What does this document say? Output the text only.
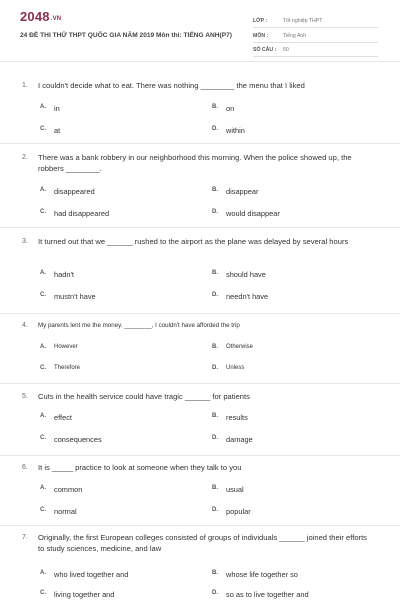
2048.VN
24 ĐỀ THI THỬ THPT QUỐC GIA NĂM 2019 Môn thi: TIẾNG ANH(P7)
LỚP :	Tốt nghiệp THPT
MÔN :	Tiếng Anh
SỐ CÂU : 50
1. I couldn't decide what to eat. There was nothing ________ the menu that I liked
A. in	B. on
C. at	D. within
2. There was a bank robbery in our neighborhood this morning. When the police showed up, the robbers ________.
A. disappeared	B. disappear
C. had disappeared	D. would disappear
3. It turned out that we ______ rushed to the airport as the plane was delayed by several hours
A. hadn't	B. should have
C. mustn't have	D. needn't have
4. My parents lent me the money. ________, I couldn't have afforded the trip
A. However	B. Otherwise
C. Therefore	D. Unless
5. Cuts in the health service could have tragic ______ for patients
A. effect	B. results
C. consequences	D. damage
6. It is _____ practice to look at someone when they talk to you
A. common	B. usual
C. normal	D. popular
7. Originally, the first European colleges consisted of groups of individuals ______ joined their efforts to study sciences, medicine, and law
A. who lived together and	B. whose life together so
C. living together and	D. so as to live together and
